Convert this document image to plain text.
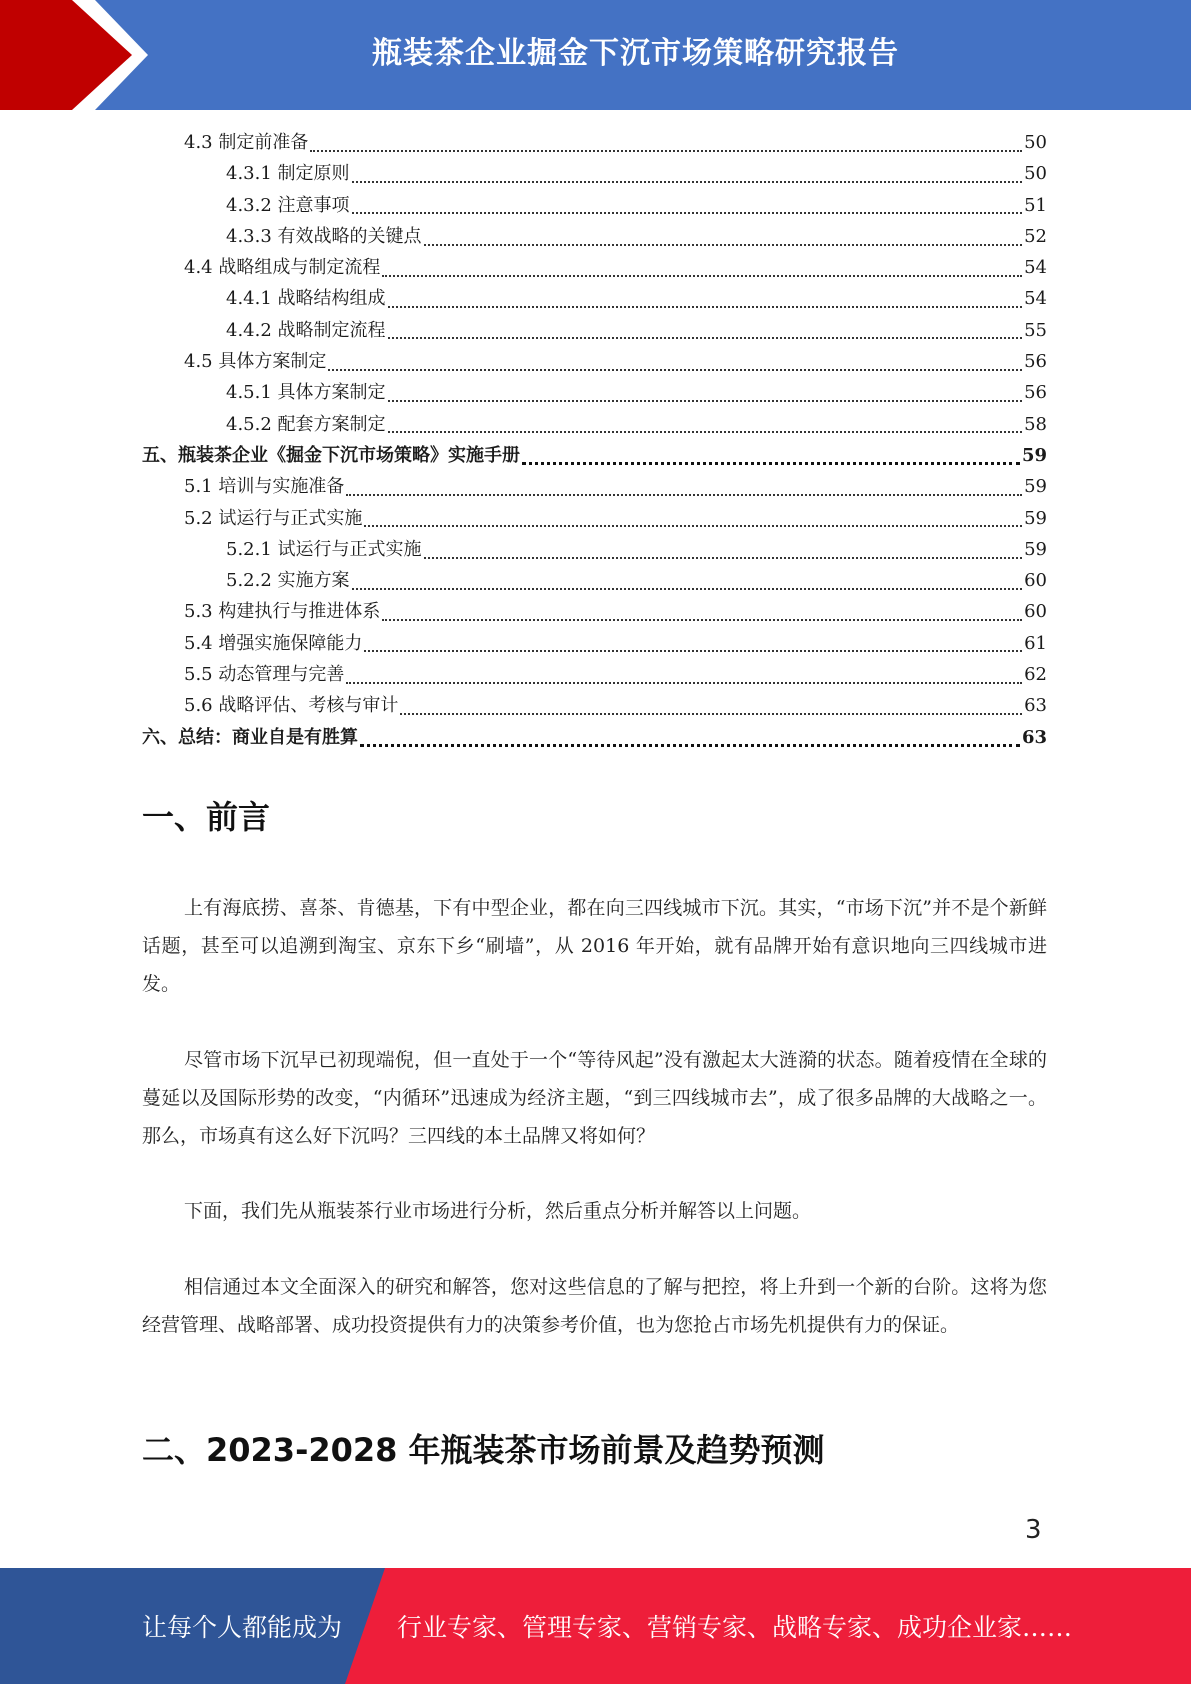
瓶装茶企业掘金下沉市场策略研究报告
4.3 制定前准备	50
4.3.1 制定原则	50
4.3.2 注意事项	51
4.3.3 有效战略的关键点	52
4.4 战略组成与制定流程	54
4.4.1 战略结构组成	54
4.4.2 战略制定流程	55
4.5 具体方案制定	56
4.5.1 具体方案制定	56
4.5.2 配套方案制定	58
五、瓶装茶企业《掘金下沉市场策略》实施手册	59
5.1 培训与实施准备	59
5.2 试运行与正式实施	59
5.2.1 试运行与正式实施	59
5.2.2 实施方案	60
5.3 构建执行与推进体系	60
5.4 增强实施保障能力	61
5.5 动态管理与完善	62
5.6 战略评估、考核与审计	63
六、总结：商业自是有胜算	63
一、前言

上有海底捞、喜茶、肯德基，下有中型企业，都在向三四线城市下沉。其实，“市场下沉”并不是个新鲜话题，甚至可以追溯到淘宝、京东下乡“刷墙”，从 2016 年开始，就有品牌开始有意识地向三四线城市进发。

尽管市场下沉早已初现端倪，但一直处于一个“等待风起”没有激起太大涟漪的状态。随着疫情在全球的蔓延以及国际形势的改变，“内循环”迅速成为经济主题，“到三四线城市去”，成了很多品牌的大战略之一。那么，市场真有这么好下沉吗？三四线的本土品牌又将如何？

下面，我们先从瓶装茶行业市场进行分析，然后重点分析并解答以上问题。

相信通过本文全面深入的研究和解答，您对这些信息的了解与把控，将上升到一个新的台阶。这将为您经营管理、战略部署、成功投资提供有力的决策参考价值，也为您抢占市场先机提供有力的保证。

二、2023-2028 年瓶装茶市场前景及趋势预测
3
让每个人都能成为 行业专家、管理专家、营销专家、战略专家、成功企业家……
